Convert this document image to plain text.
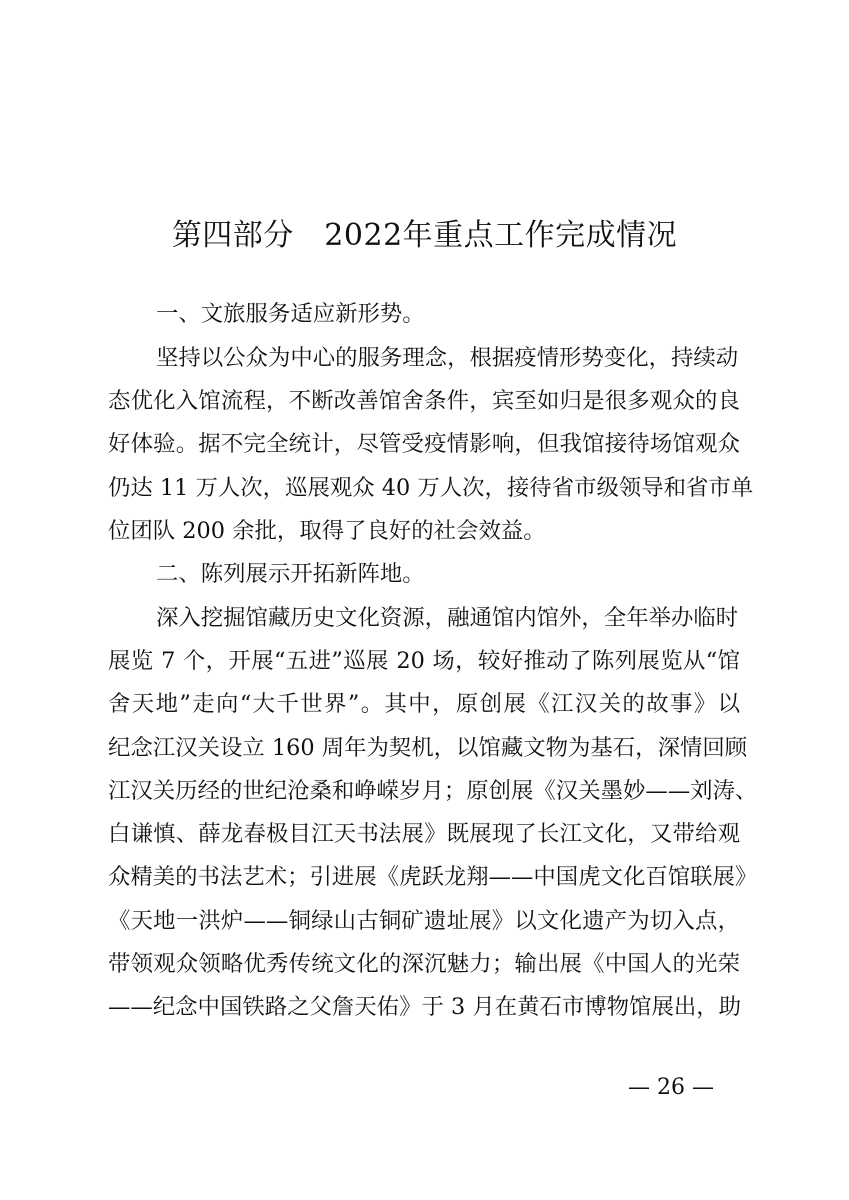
第四部分　2022年重点工作完成情况
一、文旅服务适应新形势。
坚持以公众为中心的服务理念，根据疫情形势变化，持续动
态优化入馆流程，不断改善馆舍条件，宾至如归是很多观众的良
好体验。据不完全统计，尽管受疫情影响，但我馆接待场馆观众
仍达 11 万人次，巡展观众 40 万人次，接待省市级领导和省市单
位团队 200 余批，取得了良好的社会效益。
二、陈列展示开拓新阵地。
深入挖掘馆藏历史文化资源，融通馆内馆外，全年举办临时
展览 7 个，开展“五进”巡展 20 场，较好推动了陈列展览从“馆
舍天地”走向“大千世界”。其中，原创展《江汉关的故事》以
纪念江汉关设立 160 周年为契机，以馆藏文物为基石，深情回顾
江汉关历经的世纪沧桑和峥嵘岁月；原创展《汉关墨妙——刘涛、
白谦慎、薛龙春极目江天书法展》既展现了长江文化，又带给观
众精美的书法艺术；引进展《虎跃龙翔——中国虎文化百馆联展》
《天地一洪炉——铜绿山古铜矿遗址展》以文化遗产为切入点，
带领观众领略优秀传统文化的深沉魅力；输出展《中国人的光荣
——纪念中国铁路之父詹天佑》于 3 月在黄石市博物馆展出，助
— 26 —
